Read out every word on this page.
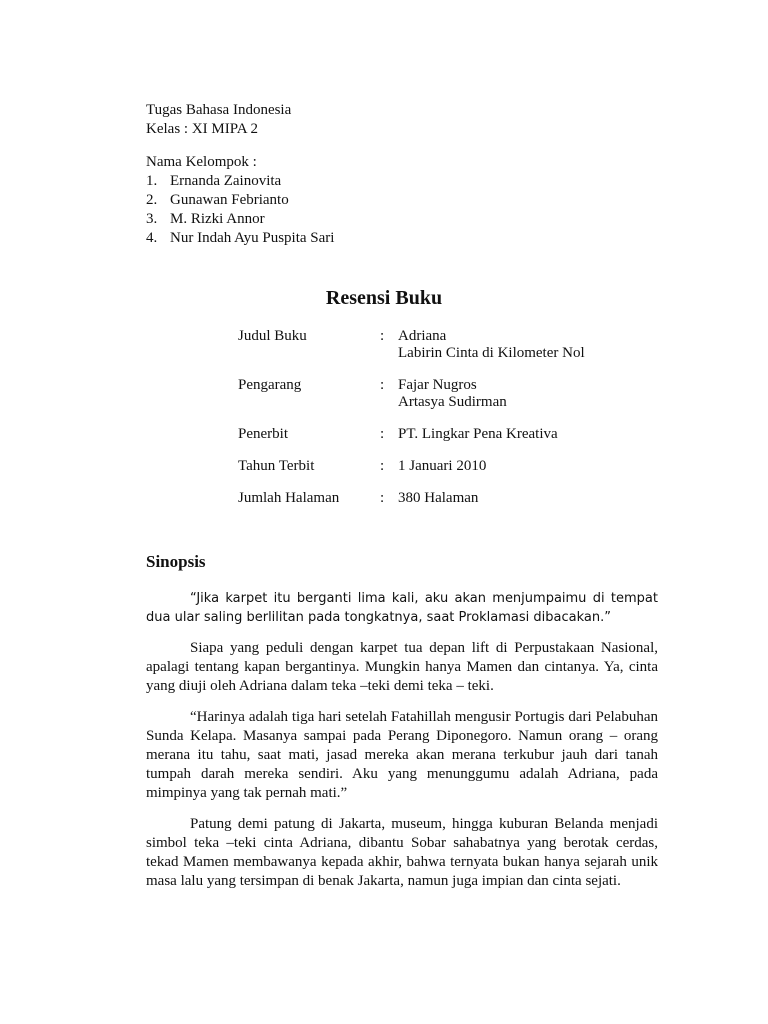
Tugas Bahasa Indonesia
Kelas : XI MIPA 2
Nama Kelompok :
1. Ernanda Zainovita
2. Gunawan Febrianto
3. M. Rizki Annor
4. Nur Indah Ayu Puspita Sari
Resensi Buku
Judul Buku	: Adriana
Labirin Cinta di Kilometer Nol
Pengarang	: Fajar Nugros
Artasya Sudirman
Penerbit	: PT. Lingkar Pena Kreativa
Tahun Terbit	: 1 Januari 2010
Jumlah Halaman	: 380 Halaman
Sinopsis

“Jika karpet itu berganti lima kali, aku akan menjumpaimu di tempat dua ular saling berlilitan pada tongkatnya, saat Proklamasi dibacakan.”

Siapa yang peduli dengan karpet tua depan lift di Perpustakaan Nasional, apalagi tentang kapan bergantinya. Mungkin hanya Mamen dan cintanya. Ya, cinta yang diuji oleh Adriana dalam teka –teki demi teka – teki.

“Harinya adalah tiga hari setelah Fatahillah mengusir Portugis dari Pelabuhan Sunda Kelapa. Masanya sampai pada Perang Diponegoro. Namun orang – orang merana itu tahu, saat mati, jasad mereka akan merana terkubur jauh dari tanah tumpah darah mereka sendiri. Aku yang menunggumu adalah Adriana, pada mimpinya yang tak pernah mati.”

Patung demi patung di Jakarta, museum, hingga kuburan Belanda menjadi simbol teka –teki cinta Adriana, dibantu Sobar sahabatnya yang berotak cerdas, tekad Mamen membawanya kepada akhir, bahwa ternyata bukan hanya sejarah unik masa lalu yang tersimpan di benak Jakarta, namun juga impian dan cinta sejati.
